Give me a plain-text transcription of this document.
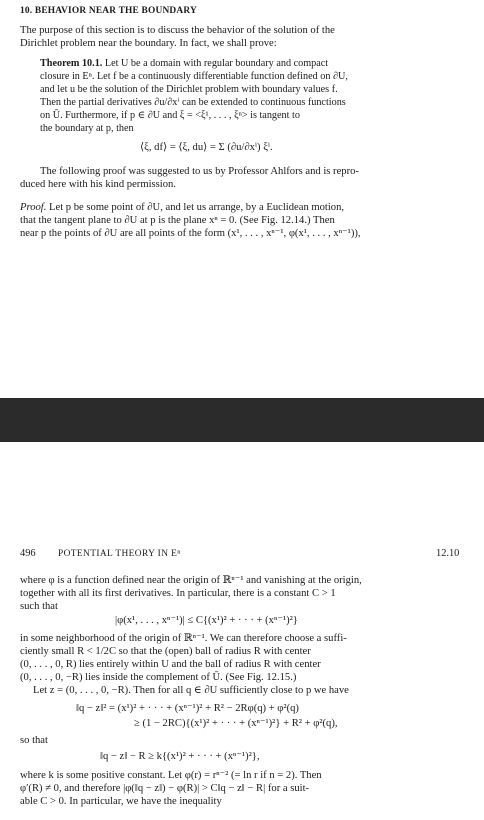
10. BEHAVIOR NEAR THE BOUNDARY
The purpose of this section is to discuss the behavior of the solution of the
Dirichlet problem near the boundary. In fact, we shall prove:
Theorem 10.1. Let U be a domain with regular boundary and compact
closure in Eⁿ. Let f be a continuously differentiable function defined on ∂U,
and let u be the solution of the Dirichlet problem with boundary values f.
Then the partial derivatives ∂u/∂xⁱ can be extended to continuous functions
on Ū. Furthermore, if p ∈ ∂U and ξ = <ξ¹, . . . , ξⁿ> is tangent to
the boundary at p, then
⟨ξ, df⟩ = ⟨ξ, du⟩ = Σ (∂u/∂xⁱ) ξⁱ.
The following proof was suggested to us by Professor Ahlfors and is repro-
duced here with his kind permission.
Proof. Let p be some point of ∂U, and let us arrange, by a Euclidean motion,
that the tangent plane to ∂U at p is the plane xⁿ = 0. (See Fig. 12.14.) Then
near p the points of ∂U are all points of the form (x¹, . . . , xⁿ⁻¹, φ(x¹, . . . , xⁿ⁻¹)),
496 POTENTIAL THEORY IN Eⁿ	12.10
where φ is a function defined near the origin of ℝⁿ⁻¹ and vanishing at the origin,
together with all its first derivatives. In particular, there is a constant C > 1
such that
|φ(x¹, . . . , xⁿ⁻¹)| ≤ C{(x¹)² + · · · + (xⁿ⁻¹)²}
in some neighborhood of the origin of ℝⁿ⁻¹. We can therefore choose a suffi-
ciently small R < 1/2C so that the (open) ball of radius R with center
(0, . . . , 0, R) lies entirely within U and the ball of radius R with center
(0, . . . , 0, −R) lies inside the complement of Ū. (See Fig. 12.15.)
Let z = (0, . . . , 0, −R). Then for all q ∈ ∂U sufficiently close to p we have
‖q − z‖² = (x¹)² + · · · + (xⁿ⁻¹)² + R² − 2Rφ(q) + φ²(q)
≥ (1 − 2RC){(x¹)² + · · · + (xⁿ⁻¹)²} + R² + φ²(q),
so that
‖q − z‖ − R ≥ k{(x¹)² + · · · + (xⁿ⁻¹)²},
where k is some positive constant. Let φ(r) = rⁿ⁻² (= ln r if n = 2). Then
φ′(R) ≠ 0, and therefore |φ(‖q − z‖) − φ(R)| > C‖q − z‖ − R| for a suit-
able C > 0. In particular, we have the inequality
